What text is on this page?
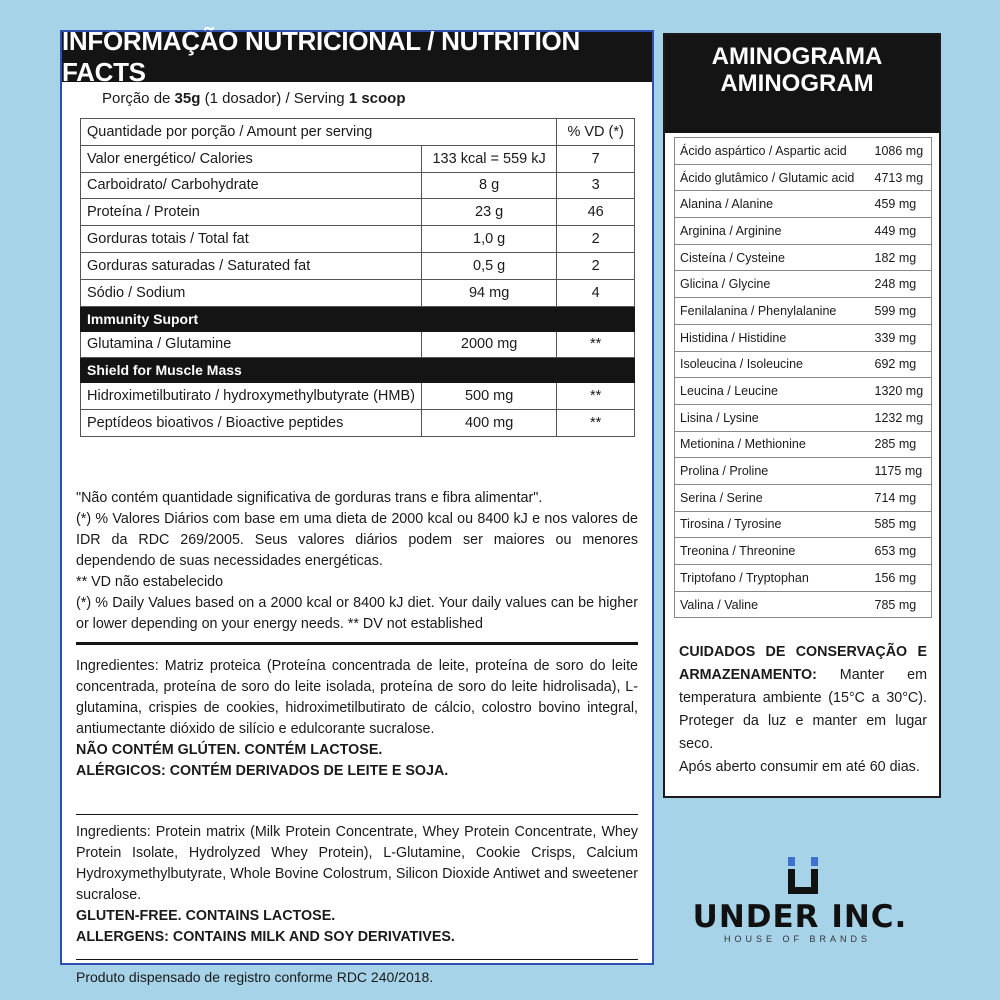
INFORMAÇÃO NUTRICIONAL / NUTRITION FACTS
Porção de 35g (1 dosador) / Serving 1 scoop
Quantidade por porção / Amount per serving		% VD (*)
Valor energético/ Calories	133 kcal = 559 kJ	7
Carboidrato/ Carbohydrate	8 g	3
Proteína / Protein	23 g	46
Gorduras totais / Total fat	1,0 g	2
Gorduras saturadas / Saturated fat	0,5 g	2
Sódio / Sodium	94 mg	4
Immunity Suport		
Glutamina / Glutamine	2000 mg	**
Shield for Muscle Mass		
Hidroximetilbutirato / hydroxymethylbutyrate (HMB)	500 mg	**
Peptídeos bioativos / Bioactive peptides	400 mg	**

"Não contém quantidade significativa de gorduras trans e fibra alimentar".

(*) % Valores Diários com base em uma dieta de 2000 kcal ou 8400 kJ e nos valores de IDR da RDC 269/2005. Seus valores diários podem ser maiores ou menores dependendo de suas necessidades energéticas.

** VD não estabelecido

(*) % Daily Values based on a 2000 kcal or 8400 kJ diet. Your daily values can be higher or lower depending on your energy needs. ** DV not established

Ingredientes: Matriz proteica (Proteína concentrada de leite, proteína de soro do leite concentrada, proteína de soro do leite isolada, proteína de soro do leite hidrolisada), L-glutamina, crispies de cookies, hidroximetilbutirato de cálcio, colostro bovino integral, antiumectante dióxido de silício e edulcorante sucralose.

NÃO CONTÉM GLÚTEN. CONTÉM LACTOSE.

ALÉRGICOS: CONTÉM DERIVADOS DE LEITE E SOJA.

Ingredients: Protein matrix (Milk Protein Concentrate, Whey Protein Concentrate, Whey Protein Isolate, Hydrolyzed Whey Protein), L-Glutamine, Cookie Crisps, Calcium Hydroxymethylbutyrate, Whole Bovine Colostrum, Silicon Dioxide Antiwet and sweetener sucralose.

GLUTEN-FREE. CONTAINS LACTOSE.

ALLERGENS: CONTAINS MILK AND SOY DERIVATIVES.

Produto dispensado de registro conforme RDC 240/2018.
AMINOGRAMA
AMINOGRAM
Ácido aspártico / Aspartic acid	1086 mg
Ácido glutâmico / Glutamic acid	4713 mg
Alanina / Alanine	459 mg
Arginina / Arginine	449 mg
Cisteína / Cysteine	182 mg
Glicina / Glycine	248 mg
Fenilalanina / Phenylalanine	599 mg
Histidina / Histidine	339 mg
Isoleucina / Isoleucine	692 mg
Leucina / Leucine	1320 mg
Lisina / Lysine	1232 mg
Metionina / Methionine	285 mg
Prolina / Proline	1175 mg
Serina / Serine	714 mg
Tirosina / Tyrosine	585 mg
Treonina / Threonine	653 mg
Triptofano / Tryptophan	156 mg
Valina / Valine	785 mg

CUIDADOS DE CONSERVAÇÃO E ARMAZENAMENTO: Manter em temperatura ambiente (15°C a 30°C). Proteger da luz e manter em lugar seco.

Após aberto consumir em até 60 dias.

UNDER INC.
HOUSE OF BRANDS
